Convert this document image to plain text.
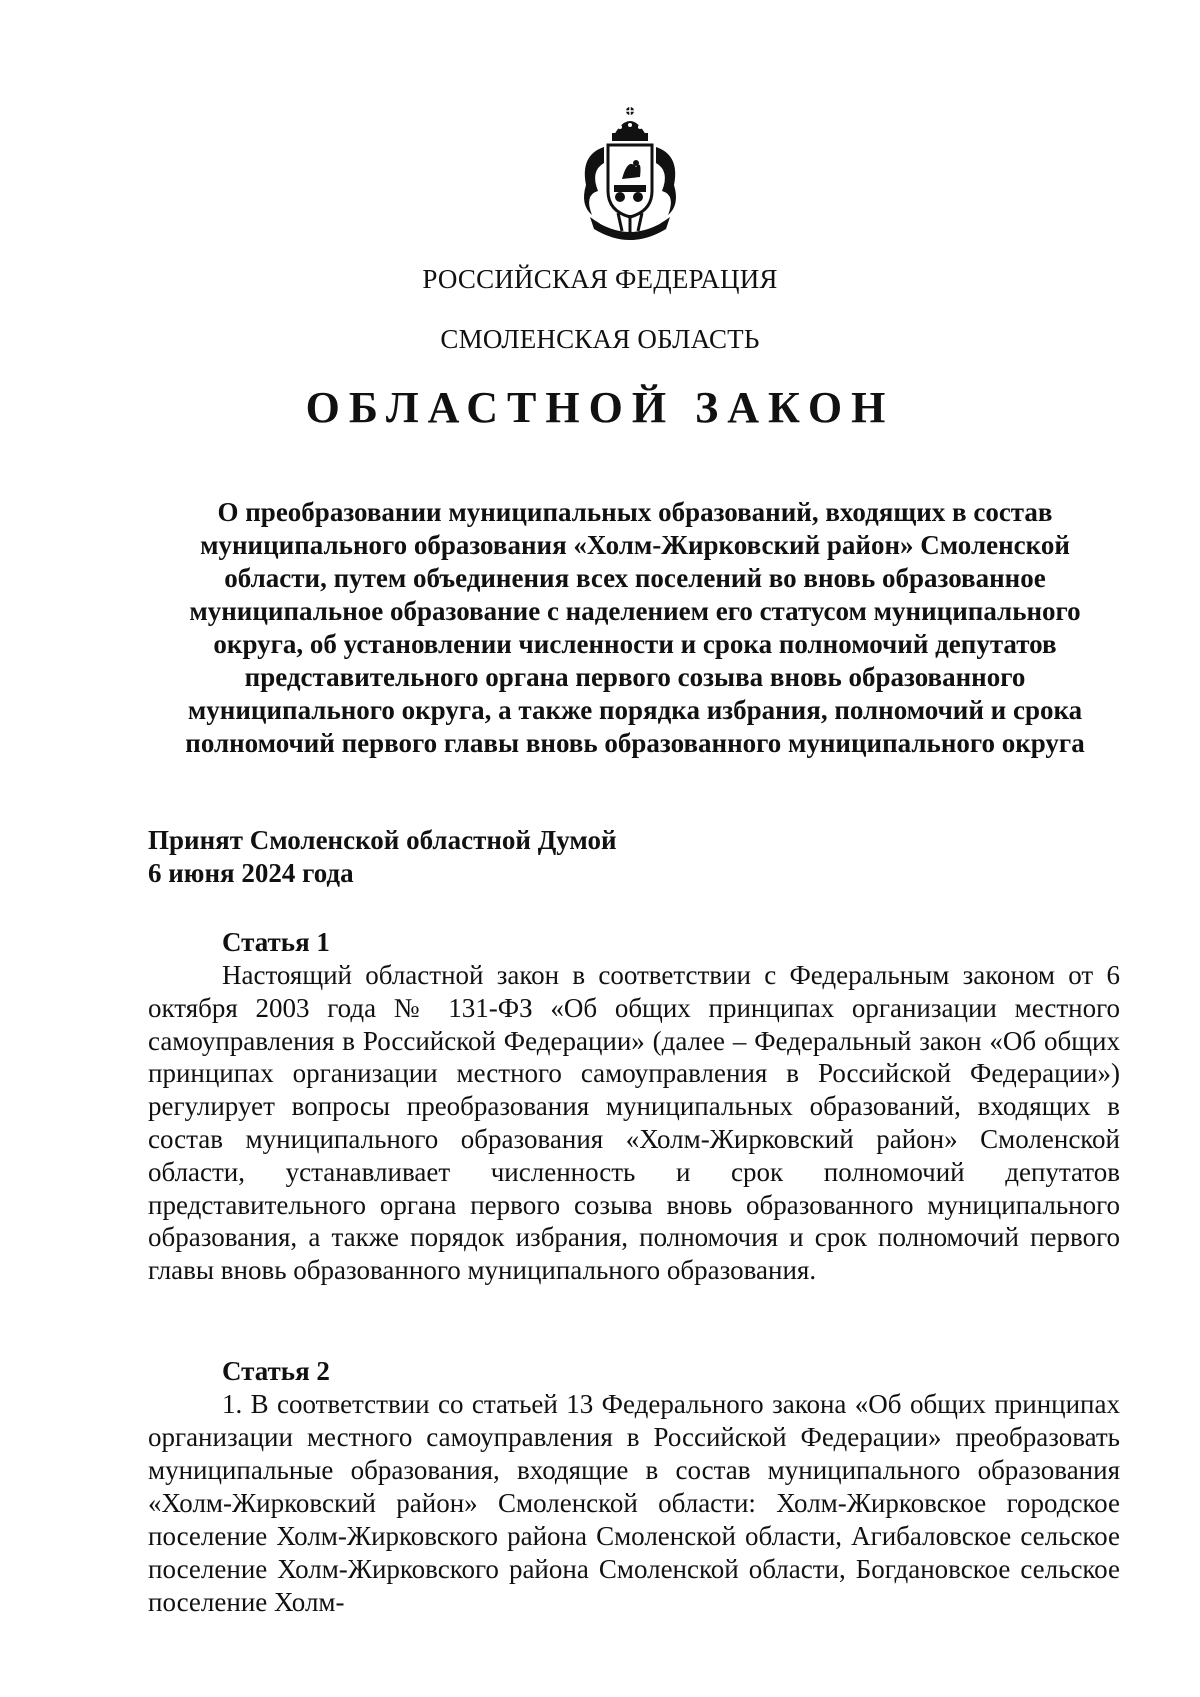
РОССИЙСКАЯ ФЕДЕРАЦИЯ
СМОЛЕНСКАЯ ОБЛАСТЬ
ОБЛАСТНОЙ ЗАКОН
О преобразовании муниципальных образований, входящих в состав муниципального образования «Холм-Жирковский район» Смоленской области, путем объединения всех поселений во вновь образованное муниципальное образование с наделением его статусом муниципального округа, об установлении численности и срока полномочий депутатов представительного органа первого созыва вновь образованного муниципального округа, а также порядка избрания, полномочий и срока полномочий первого главы вновь образованного муниципального округа
Принят Смоленской областной Думой
6 июня 2024 года
Статья 1

Настоящий областной закон в соответствии с Федеральным законом от 6 октября 2003 года № 131-ФЗ «Об общих принципах организации местного самоуправления в Российской Федерации» (далее – Федеральный закон «Об общих принципах организации местного самоуправления в Российской Федерации») регулирует вопросы преобразования муниципальных образований, входящих в состав муниципального образования «Холм-Жирковский район» Смоленской области, устанавливает численность и срок полномочий депутатов представительного органа первого созыва вновь образованного муниципального образования, а также порядок избрания, полномочия и срок полномочий первого главы вновь образованного муниципального образования.

Статья 2

1. В соответствии со статьей 13 Федерального закона «Об общих принципах организации местного самоуправления в Российской Федерации» преобразовать муниципальные образования, входящие в состав муниципального образования «Холм-Жирковский район» Смоленской области: Холм-Жирковское городское поселение Холм-Жирковского района Смоленской области, Агибаловское сельское поселение Холм-Жирковского района Смоленской области, Богдановское сельское поселение Холм-
